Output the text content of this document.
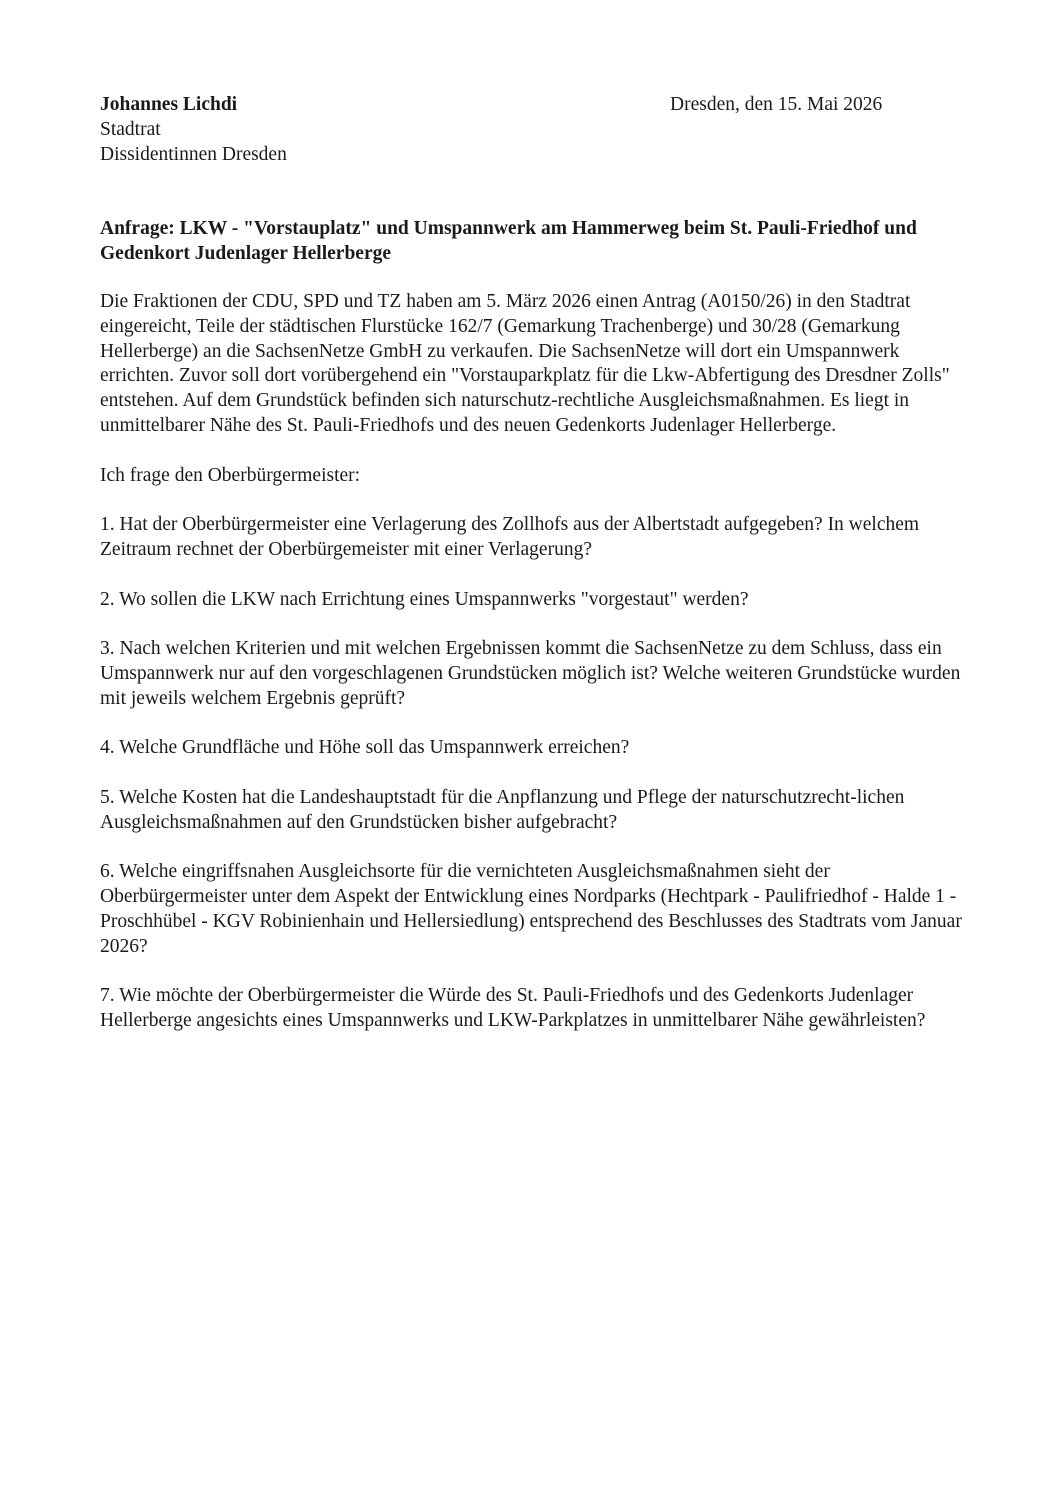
Johannes Lichdi
Stadtrat
Dissidentinnen Dresden
Dresden, den 15. Mai 2026
Anfrage: LKW - "Vorstauplatz" und Umspannwerk am Hammerweg beim St. Pauli-Friedhof und Gedenkort Judenlager Hellerberge

Die Fraktionen der CDU, SPD und TZ haben am 5. März 2026 einen Antrag (A0150/26) in den Stadtrat eingereicht, Teile der städtischen Flurstücke 162/7 (Gemarkung Trachenberge) und 30/28 (Gemarkung Hellerberge) an die SachsenNetze GmbH zu verkaufen. Die SachsenNetze will dort ein Umspannwerk errichten. Zuvor soll dort vorübergehend ein "Vorstauparkplatz für die Lkw-Abfertigung des Dresdner Zolls" entstehen. Auf dem Grundstück befinden sich naturschutz-rechtliche Ausgleichsmaßnahmen. Es liegt in unmittelbarer Nähe des St. Pauli-Friedhofs und des neuen Gedenkorts Judenlager Hellerberge.

Ich frage den Oberbürgermeister:

1. Hat der Oberbürgermeister eine Verlagerung des Zollhofs aus der Albertstadt aufgegeben? In welchem Zeitraum rechnet der Oberbürgemeister mit einer Verlagerung?

2. Wo sollen die LKW nach Errichtung eines Umspannwerks "vorgestaut" werden?

3. Nach welchen Kriterien und mit welchen Ergebnissen kommt die SachsenNetze zu dem Schluss, dass ein Umspannwerk nur auf den vorgeschlagenen Grundstücken möglich ist? Welche weiteren Grundstücke wurden mit jeweils welchem Ergebnis geprüft?

4. Welche Grundfläche und Höhe soll das Umspannwerk erreichen?

5. Welche Kosten hat die Landeshauptstadt für die Anpflanzung und Pflege der naturschutzrecht-lichen Ausgleichsmaßnahmen auf den Grundstücken bisher aufgebracht?

6. Welche eingriffsnahen Ausgleichsorte für die vernichteten Ausgleichsmaßnahmen sieht der Oberbürgermeister unter dem Aspekt der Entwicklung eines Nordparks (Hechtpark - Paulifriedhof - Halde 1 - Proschhübel - KGV Robinienhain und Hellersiedlung) entsprechend des Beschlusses des Stadtrats vom Januar 2026?

7. Wie möchte der Oberbürgermeister die Würde des St. Pauli-Friedhofs und des Gedenkorts Judenlager Hellerberge angesichts eines Umspannwerks und LKW-Parkplatzes in unmittelbarer Nähe gewährleisten?
